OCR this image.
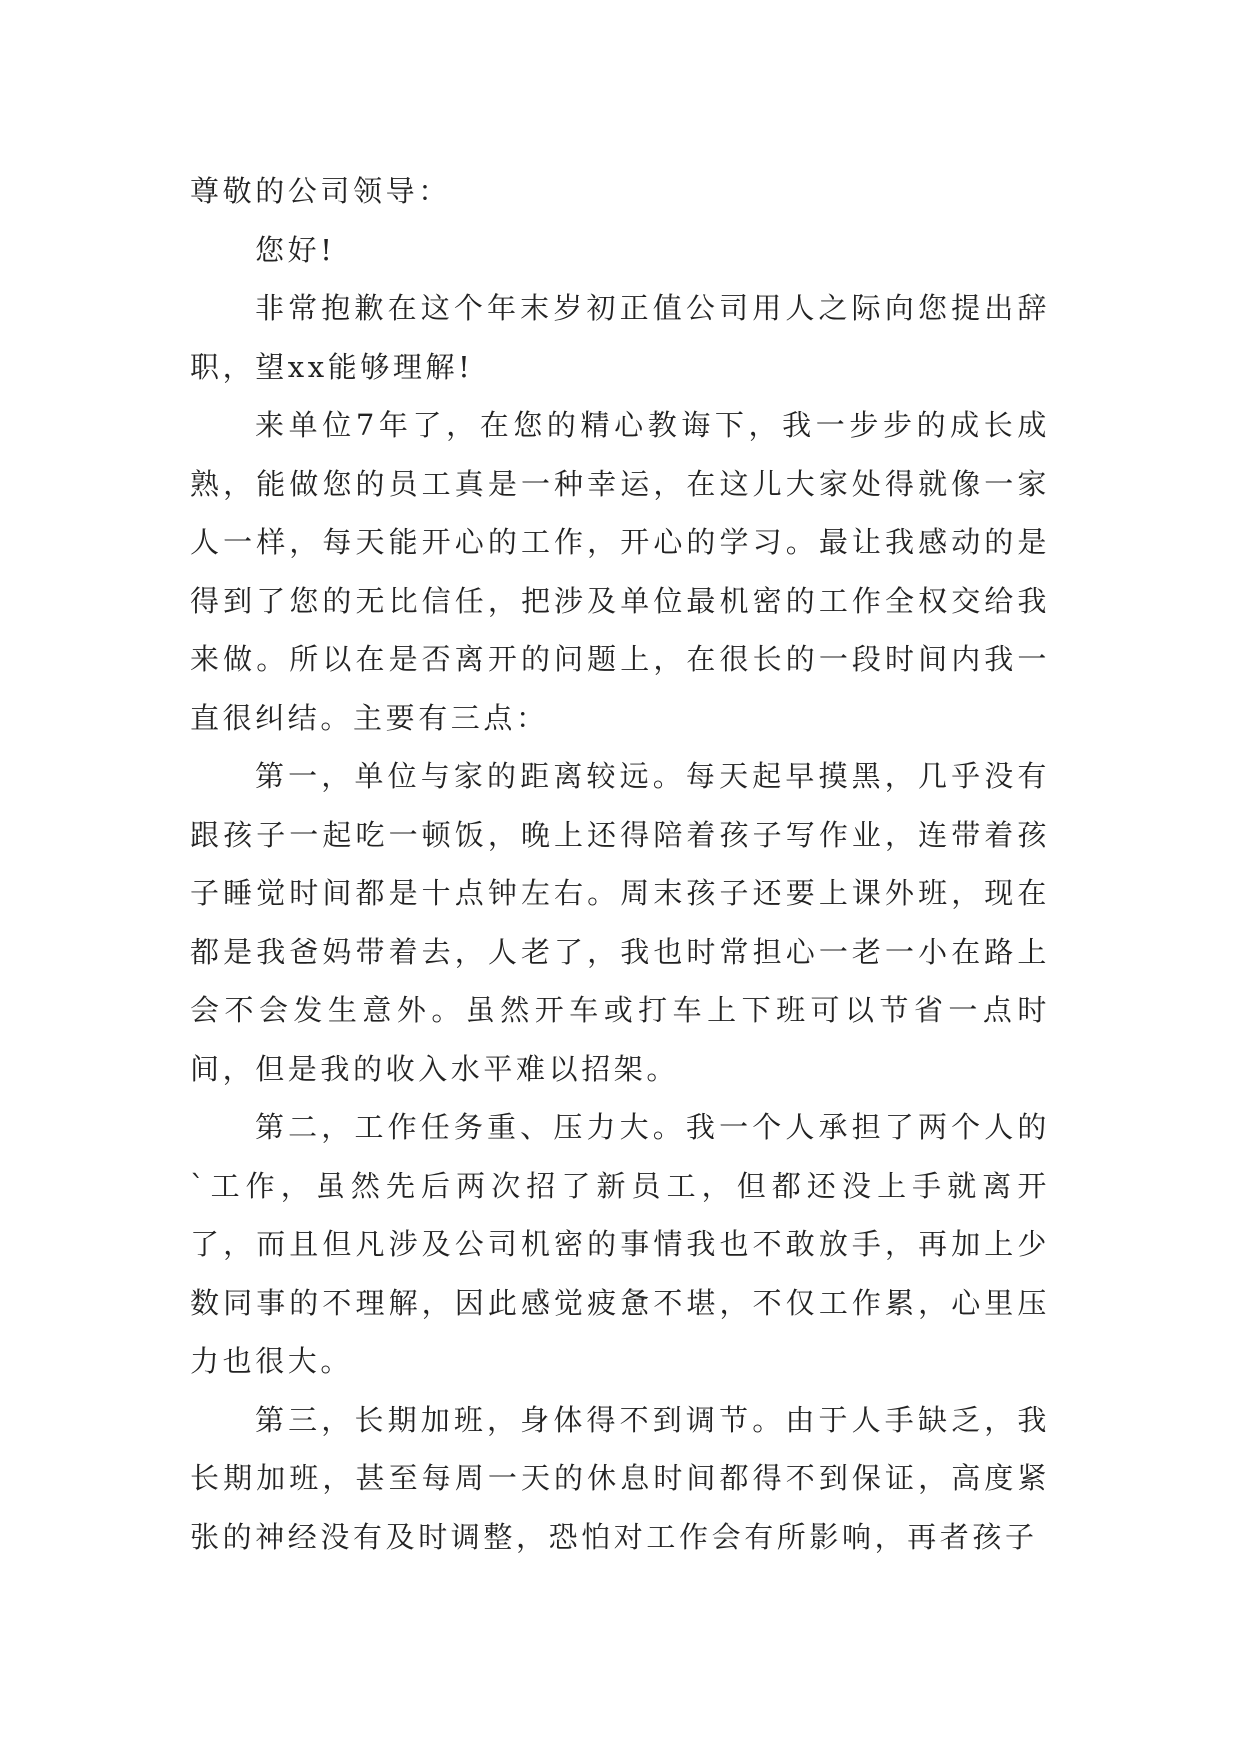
尊敬的公司领导：

您好!

非常抱歉在这个年末岁初正值公司用人之际向您提出辞职，望xx能够理解!

来单位7年了，在您的精心教诲下，我一步步的成长成熟，能做您的员工真是一种幸运，在这儿大家处得就像一家人一样，每天能开心的工作，开心的学习。最让我感动的是得到了您的无比信任，把涉及单位最机密的工作全权交给我来做。所以在是否离开的问题上，在很长的一段时间内我一直很纠结。主要有三点：

第一，单位与家的距离较远。每天起早摸黑，几乎没有跟孩子一起吃一顿饭，晚上还得陪着孩子写作业，连带着孩子睡觉时间都是十点钟左右。周末孩子还要上课外班，现在都是我爸妈带着去，人老了，我也时常担心一老一小在路上会不会发生意外。虽然开车或打车上下班可以节省一点时间，但是我的收入水平难以招架。

第二，工作任务重、压力大。我一个人承担了两个人的`工作，虽然先后两次招了新员工，但都还没上手就离开了，而且但凡涉及公司机密的事情我也不敢放手，再加上少数同事的不理解，因此感觉疲惫不堪，不仅工作累，心里压力也很大。

第三，长期加班，身体得不到调节。由于人手缺乏，我长期加班，甚至每周一天的休息时间都得不到保证，高度紧张的神经没有及时调整，恐怕对工作会有所影响，再者孩子
